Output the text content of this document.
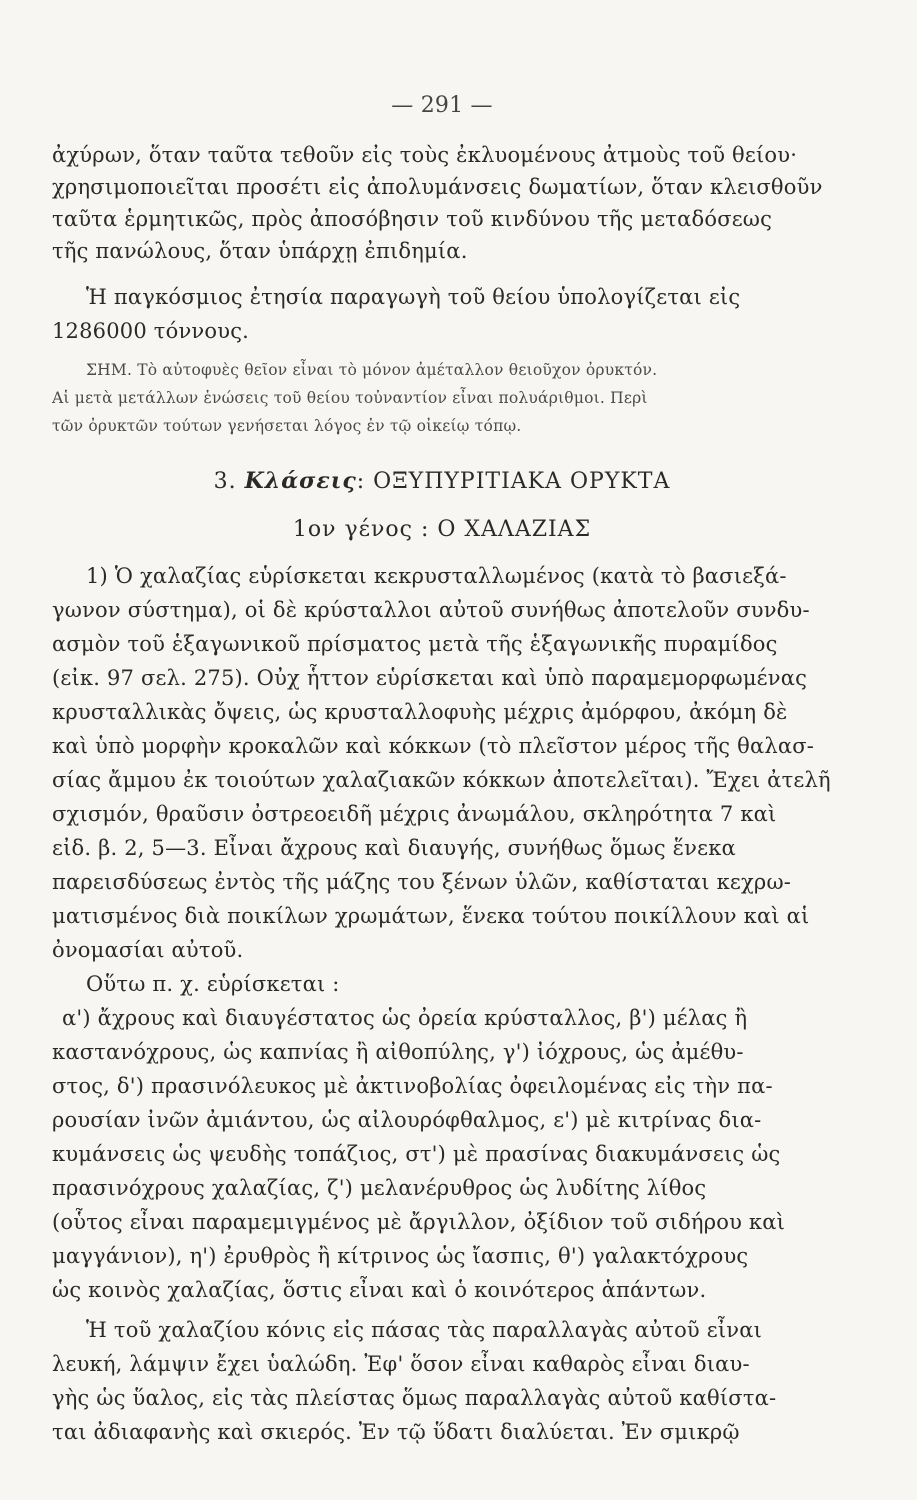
— 291 —
ἀχύρων, ὅταν ταῦτα τεθοῦν εἰς τοὺς ἐκλυομένους ἀτμοὺς τοῦ θείου·
χρησιμοποιεῖται προσέτι εἰς ἀπολυμάνσεις δωματίων, ὅταν κλεισθοῦν
ταῦτα ἑρμητικῶς, πρὸς ἀποσόβησιν τοῦ κινδύνου τῆς μεταδόσεως
τῆς πανώλους, ὅταν ὑπάρχῃ ἐπιδημία.
Ἡ παγκόσμιος ἐτησία παραγωγὴ τοῦ θείου ὑπολογίζεται εἰς
1286000 τόννους.
ΣΗΜ. Τὸ αὐτοφυὲς θεῖον εἶναι τὸ μόνον ἀμέταλλον θειοῦχον ὀρυκτόν.
Αἱ μετὰ μετάλλων ἑνώσεις τοῦ θείου τοὐναντίον εἶναι πολυάριθμοι. Περὶ
τῶν ὀρυκτῶν τούτων γενήσεται λόγος ἐν τῷ οἰκείῳ τόπῳ.
3. Κλάσεις: ΟΞΥΠΥΡΙΤΙΑΚΑ ΟΡΥΚΤΑ
1ον γένος : Ο ΧΑΛΑΖΙΑΣ
1) Ὁ χαλαζίας εὑρίσκεται κεκρυσταλλωμένος (κατὰ τὸ βασιεξά-
γωνον σύστημα), οἱ δὲ κρύσταλλοι αὐτοῦ συνήθως ἀποτελοῦν συνδυ-
ασμὸν τοῦ ἑξαγωνικοῦ πρίσματος μετὰ τῆς ἑξαγωνικῆς πυραμίδος
(εἰκ. 97 σελ. 275). Οὐχ ἧττον εὑρίσκεται καὶ ὑπὸ παραμεμορφωμένας
κρυσταλλικὰς ὄψεις, ὡς κρυσταλλοφυὴς μέχρις ἀμόρφου, ἀκόμη δὲ
καὶ ὑπὸ μορφὴν κροκαλῶν καὶ κόκκων (τὸ πλεῖστον μέρος τῆς θαλασ-
σίας ἄμμου ἐκ τοιούτων χαλαζιακῶν κόκκων ἀποτελεῖται). Ἔχει ἀτελῆ
σχισμόν, θραῦσιν ὀστρεοειδῆ μέχρις ἀνωμάλου, σκληρότητα 7 καὶ
εἰδ. β. 2, 5—3. Εἶναι ἄχρους καὶ διαυγής, συνήθως ὅμως ἕνεκα
παρεισδύσεως ἐντὸς τῆς μάζης του ξένων ὑλῶν, καθίσταται κεχρω-
ματισμένος διὰ ποικίλων χρωμάτων, ἕνεκα τούτου ποικίλλουν καὶ αἱ
ὀνομασίαι αὐτοῦ.
Οὕτω π. χ. εὑρίσκεται :
α') ἄχρους καὶ διαυγέστατος ὡς ὀρεία κρύσταλλος, β') μέλας ἢ
καστανόχρους, ὡς καπνίας ἢ αἰθοπύλης, γ') ἰόχρους, ὡς ἀμέθυ-
στος, δ') πρασινόλευκος μὲ ἀκτινοβολίας ὀφειλομένας εἰς τὴν πα-
ρουσίαν ἰνῶν ἀμιάντου, ὡς αἰλουρόφθαλμος, ε') μὲ κιτρίνας δια-
κυμάνσεις ὡς ψευδὴς τοπάζιος, στ') μὲ πρασίνας διακυμάνσεις ὡς
πρασινόχρους χαλαζίας, ζ') μελανέρυθρος ὡς λυδίτης λίθος
(οὗτος εἶναι παραμεμιγμένος μὲ ἄργιλλον, ὀξίδιον τοῦ σιδήρου καὶ
μαγγάνιον), η') ἐρυθρὸς ἢ κίτρινος ὡς ἴασπις, θ') γαλακτόχρους
ὡς κοινὸς χαλαζίας, ὅστις εἶναι καὶ ὁ κοινότερος ἁπάντων.
Ἡ τοῦ χαλαζίου κόνις εἰς πάσας τὰς παραλλαγὰς αὐτοῦ εἶναι
λευκή, λάμψιν ἔχει ὑαλώδη. Ἐφ' ὅσον εἶναι καθαρὸς εἶναι διαυ-
γὴς ὡς ὕαλος, εἰς τὰς πλείστας ὅμως παραλλαγὰς αὐτοῦ καθίστα-
ται ἀδιαφανὴς καὶ σκιερός. Ἐν τῷ ὕδατι διαλύεται. Ἐν σμικρῷ
